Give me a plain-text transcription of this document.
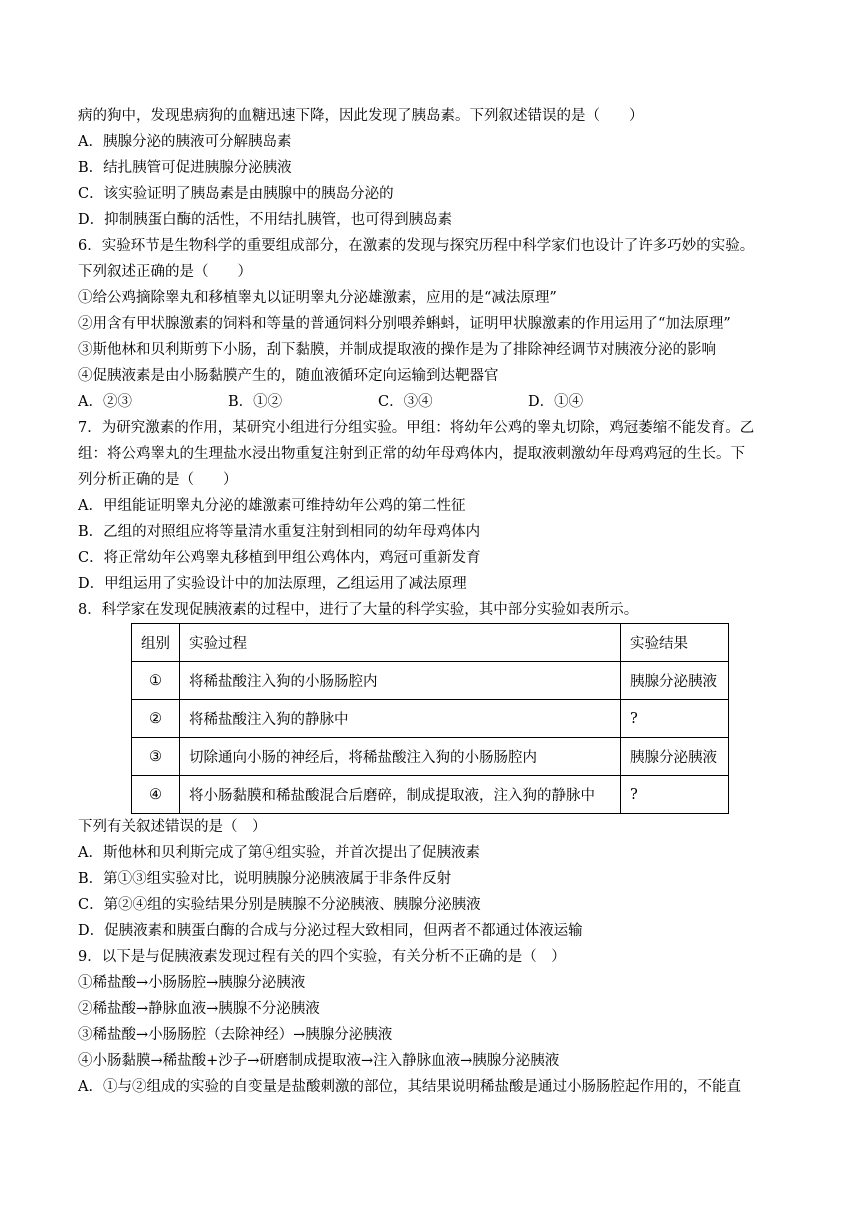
病的狗中，发现患病狗的血糖迅速下降，因此发现了胰岛素。下列叙述错误的是（　　）
A．胰腺分泌的胰液可分解胰岛素
B．结扎胰管可促进胰腺分泌胰液
C．该实验证明了胰岛素是由胰腺中的胰岛分泌的
D．抑制胰蛋白酶的活性，不用结扎胰管，也可得到胰岛素
6．实验环节是生物科学的重要组成部分，在激素的发现与探究历程中科学家们也设计了许多巧妙的实验。
下列叙述正确的是（　　）
①给公鸡摘除睾丸和移植睾丸以证明睾丸分泌雄激素，应用的是“减法原理”
②用含有甲状腺激素的饲料和等量的普通饲料分别喂养蝌蚪，证明甲状腺激素的作用运用了“加法原理”
③斯他林和贝利斯剪下小肠，刮下黏膜，并制成提取液的操作是为了排除神经调节对胰液分泌的影响
④促胰液素是由小肠黏膜产生的，随血液循环定向运输到达靶器官
A．②③	B．①②	C．③④	D．①④
7．为研究激素的作用，某研究小组进行分组实验。甲组：将幼年公鸡的睾丸切除，鸡冠萎缩不能发育。乙
组：将公鸡睾丸的生理盐水浸出物重复注射到正常的幼年母鸡体内，提取液刺激幼年母鸡鸡冠的生长。下
列分析正确的是（　　）
A．甲组能证明睾丸分泌的雄激素可维持幼年公鸡的第二性征
B．乙组的对照组应将等量清水重复注射到相同的幼年母鸡体内
C．将正常幼年公鸡睾丸移植到甲组公鸡体内，鸡冠可重新发育
D．甲组运用了实验设计中的加法原理，乙组运用了减法原理
8．科学家在发现促胰液素的过程中，进行了大量的科学实验，其中部分实验如表所示。
组别	实验过程	实验结果
①	将稀盐酸注入狗的小肠肠腔内	胰腺分泌胰液
②	将稀盐酸注入狗的静脉中	?
③	切除通向小肠的神经后，将稀盐酸注入狗的小肠肠腔内	胰腺分泌胰液
④	将小肠黏膜和稀盐酸混合后磨碎，制成提取液，注入狗的静脉中	?
下列有关叙述错误的是（　）
A．斯他林和贝利斯完成了第④组实验，并首次提出了促胰液素
B．第①③组实验对比，说明胰腺分泌胰液属于非条件反射
C．第②④组的实验结果分别是胰腺不分泌胰液、胰腺分泌胰液
D．促胰液素和胰蛋白酶的合成与分泌过程大致相同，但两者不都通过体液运输
9．以下是与促胰液素发现过程有关的四个实验，有关分析不正确的是（　）
①稀盐酸→小肠肠腔→胰腺分泌胰液
②稀盐酸→静脉血液→胰腺不分泌胰液
③稀盐酸→小肠肠腔（去除神经）→胰腺分泌胰液
④小肠黏膜→稀盐酸+沙子→研磨制成提取液→注入静脉血液→胰腺分泌胰液
A．①与②组成的实验的自变量是盐酸刺激的部位，其结果说明稀盐酸是通过小肠肠腔起作用的，不能直
